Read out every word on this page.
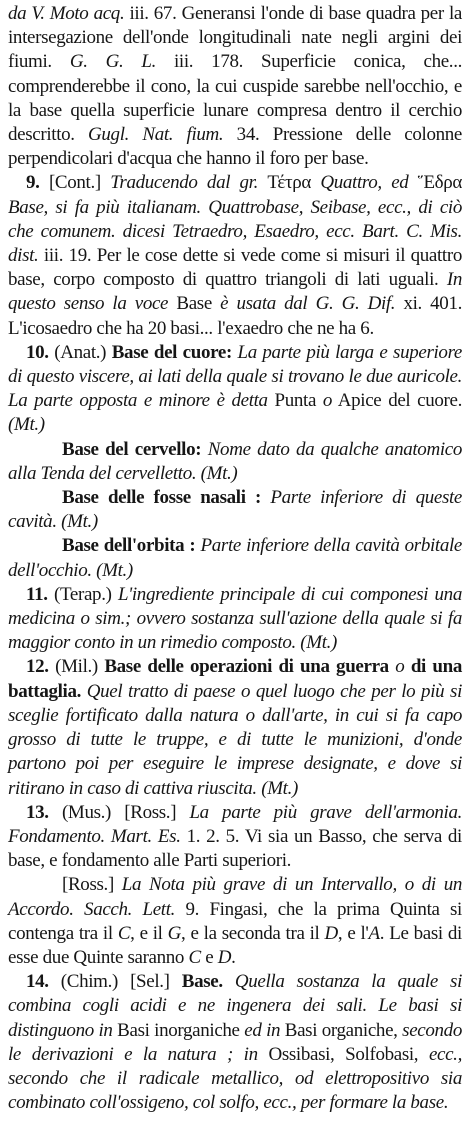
da V. Moto acq. iii. 67. Generansi l'onde di base quadra per la intersegazione dell'onde longitudinali nate negli argini dei fiumi. G. G. L. iii. 178. Superficie conica, che... comprenderebbe il cono, la cui cuspide sarebbe nell'occhio, e la base quella superficie lunare compresa dentro il cerchio descritto. Gugl. Nat. fium. 34. Pressione delle colonne perpendicolari d'acqua che hanno il foro per base.

9. [Cont.] Traducendo dal gr. Τέτρα Quattro, ed Ἕδρα Base, si fa più italianam. Quattrobase, Seibase, ecc., di ciò che comunem. dicesi Tetraedro, Esaedro, ecc. Bart. C. Mis. dist. iii. 19. Per le cose dette si vede come si misuri il quattro base, corpo composto di quattro triangoli di lati uguali. In questo senso la voce Base è usata dal G. G. Dif. xi. 401. L'icosaedro che ha 20 basi... l'exaedro che ne ha 6.

10. (Anat.) Base del cuore: La parte più larga e superiore di questo viscere, ai lati della quale si trovano le due auricole. La parte opposta e minore è detta Punta o Apice del cuore. (Mt.)

Base del cervello: Nome dato da qualche anatomico alla Tenda del cervelletto. (Mt.)

Base delle fosse nasali : Parte inferiore di queste cavità. (Mt.)

Base dell'orbita : Parte inferiore della cavità orbitale dell'occhio. (Mt.)

11. (Terap.) L'ingrediente principale di cui componesi una medicina o sim.; ovvero sostanza sull'azione della quale si fa maggior conto in un rimedio composto. (Mt.)

12. (Mil.) Base delle operazioni di una guerra o di una battaglia. Quel tratto di paese o quel luogo che per lo più si sceglie fortificato dalla natura o dall'arte, in cui si fa capo grosso di tutte le truppe, e di tutte le munizioni, d'onde partono poi per eseguire le imprese designate, e dove si ritirano in caso di cattiva riuscita. (Mt.)

13. (Mus.) [Ross.] La parte più grave dell'armonia. Fondamento. Mart. Es. 1. 2. 5. Vi sia un Basso, che serva di base, e fondamento alle Parti superiori.

[Ross.] La Nota più grave di un Intervallo, o di un Accordo. Sacch. Lett. 9. Fingasi, che la prima Quinta si contenga tra il C, e il G, e la seconda tra il D, e l'A. Le basi di esse due Quinte saranno C e D.

14. (Chim.) [Sel.] Base. Quella sostanza la quale si combina cogli acidi e ne ingenera dei sali. Le basi si distinguono in Basi inorganiche ed in Basi organiche, secondo le derivazioni e la natura ; in Ossibasi, Solfobasi, ecc., secondo che il radicale metallico, od elettropositivo sia combinato coll'ossigeno, col solfo, ecc., per formare la base.
